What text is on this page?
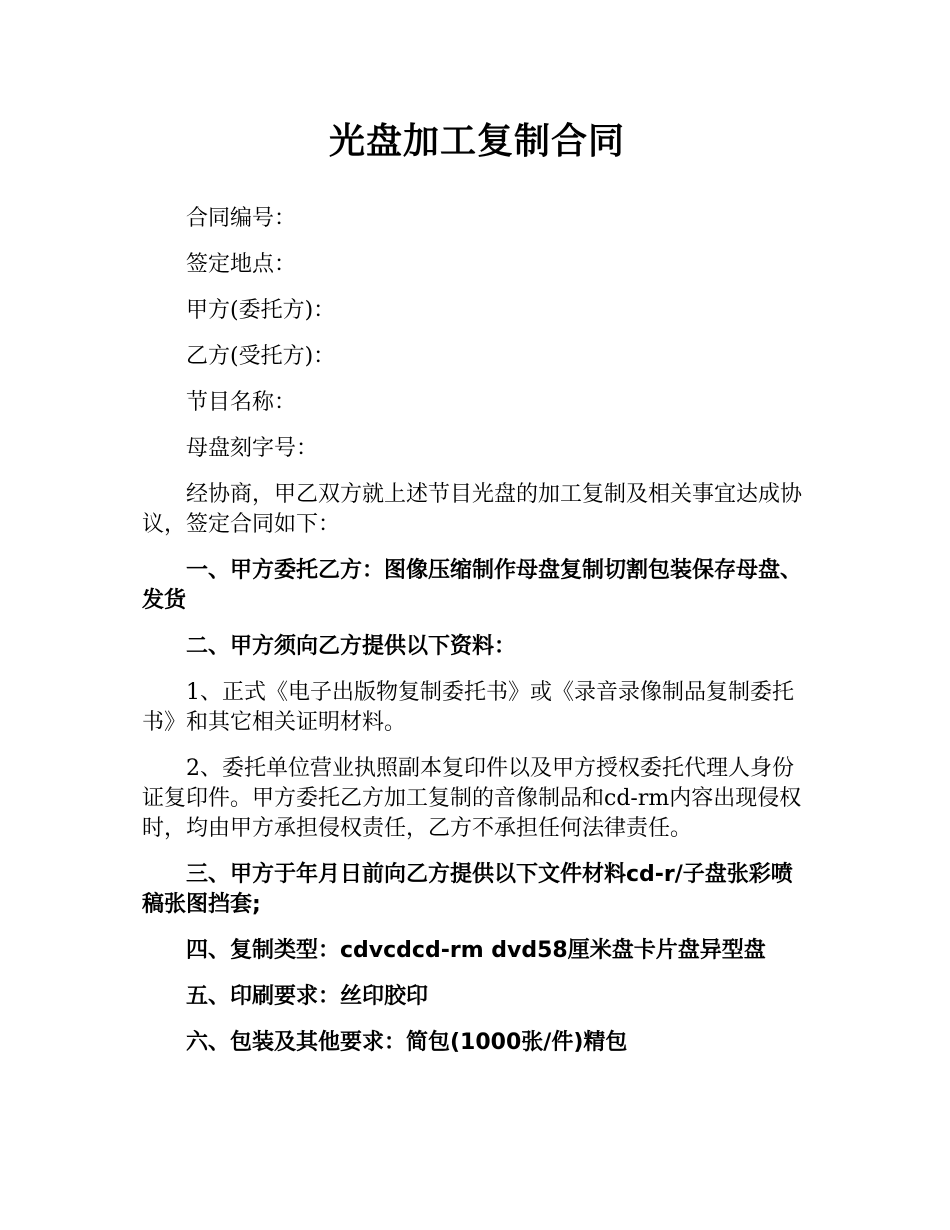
光盘加工复制合同

合同编号：

签定地点：

甲方(委托方)：

乙方(受托方)：

节目名称：

母盘刻字号：

经协商，甲乙双方就上述节目光盘的加工复制及相关事宜达成协议，签定合同如下：

一、甲方委托乙方：图像压缩制作母盘复制切割包装保存母盘、发货

二、甲方须向乙方提供以下资料：

1、正式《电子出版物复制委托书》或《录音录像制品复制委托书》和其它相关证明材料。

2、委托单位营业执照副本复印件以及甲方授权委托代理人身份证复印件。甲方委托乙方加工复制的音像制品和cd-rm内容出现侵权时，均由甲方承担侵权责任，乙方不承担任何法律责任。

三、甲方于年月日前向乙方提供以下文件材料cd-r/子盘张彩喷稿张图挡套;

四、复制类型：cdvcdcd-rm dvd58厘米盘卡片盘异型盘

五、印刷要求：丝印胶印

六、包装及其他要求：简包(1000张/件)精包
